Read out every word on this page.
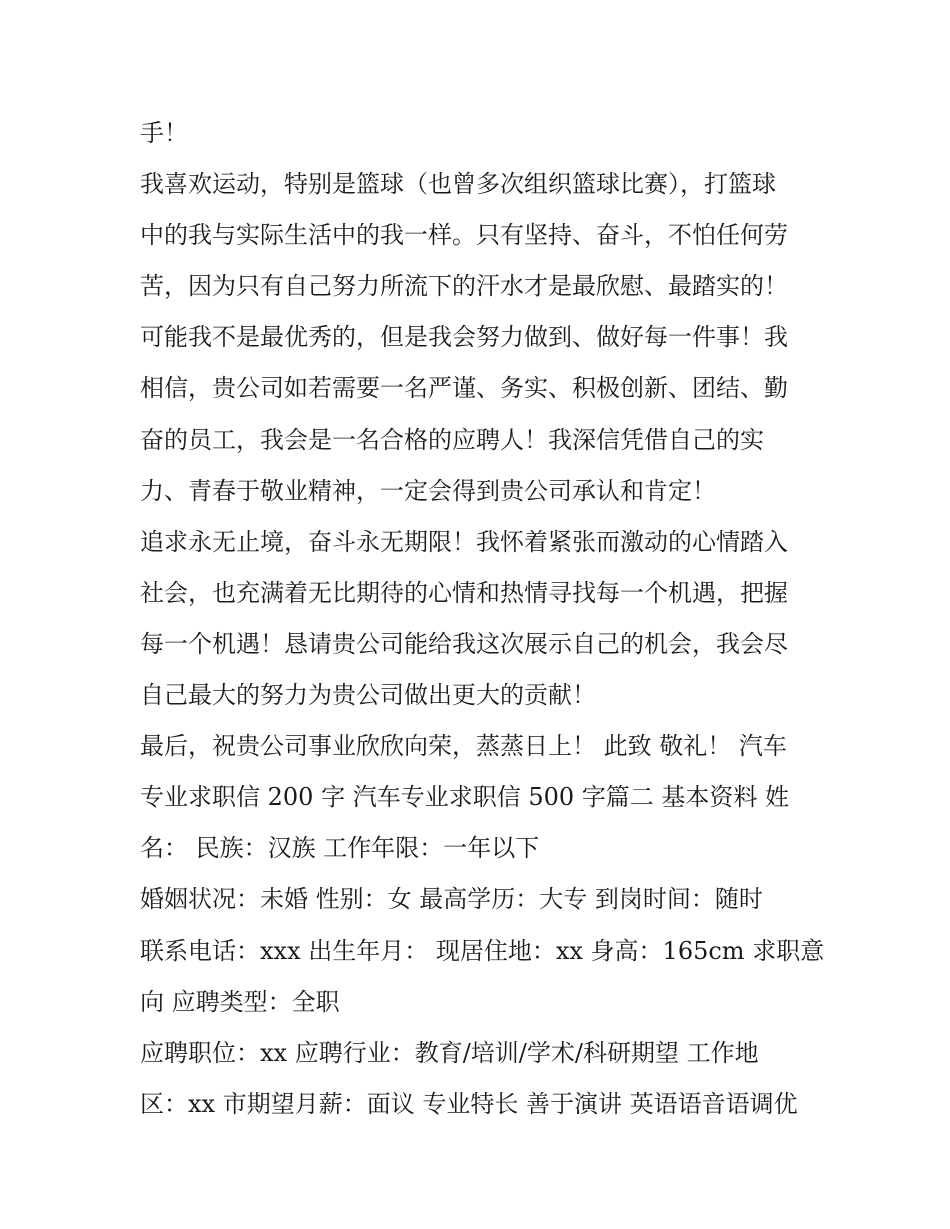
手！
我喜欢运动，特别是篮球（也曾多次组织篮球比赛），打篮球
中的我与实际生活中的我一样。只有坚持、奋斗，不怕任何劳
苦，因为只有自己努力所流下的汗水才是最欣慰、最踏实的！
可能我不是最优秀的，但是我会努力做到、做好每一件事！我
相信，贵公司如若需要一名严谨、务实、积极创新、团结、勤
奋的员工，我会是一名合格的应聘人！我深信凭借自己的实
力、青春于敬业精神，一定会得到贵公司承认和肯定！
追求永无止境，奋斗永无期限！我怀着紧张而激动的心情踏入
社会，也充满着无比期待的心情和热情寻找每一个机遇，把握
每一个机遇！恳请贵公司能给我这次展示自己的机会，我会尽
自己最大的努力为贵公司做出更大的贡献！
最后，祝贵公司事业欣欣向荣，蒸蒸日上！ 此致 敬礼！ 汽车
专业求职信 200 字 汽车专业求职信 500 字篇二 基本资料 姓
名： 民族：汉族 工作年限：一年以下
婚姻状况：未婚 性别：女 最高学历：大专 到岗时间：随时
联系电话：xxx 出生年月： 现居住地：xx 身高：165cm 求职意
向 应聘类型：全职
应聘职位：xx 应聘行业：教育/培训/学术/科研期望 工作地
区：xx 市期望月薪：面议 专业特长 善于演讲 英语语音语调优
